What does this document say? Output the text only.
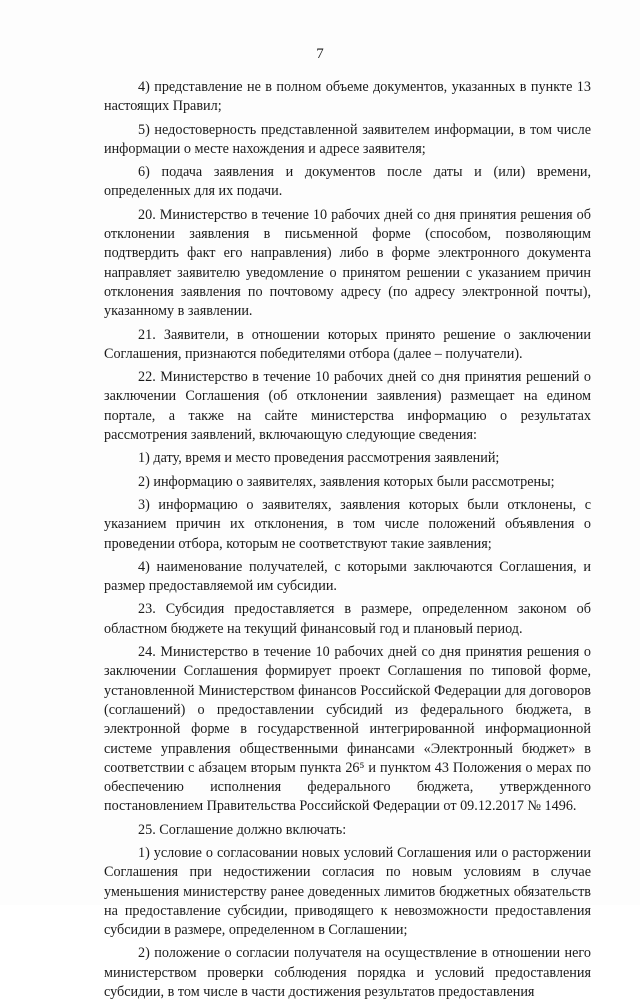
7

4) представление не в полном объеме документов, указанных в пункте 13 настоящих Правил;

5) недостоверность представленной заявителем информации, в том числе информации о месте нахождения и адресе заявителя;

6) подача заявления и документов после даты и (или) времени, определенных для их подачи.

20. Министерство в течение 10 рабочих дней со дня принятия решения об отклонении заявления в письменной форме (способом, позволяющим подтвердить факт его направления) либо в форме электронного документа направляет заявителю уведомление о принятом решении с указанием причин отклонения заявления по почтовому адресу (по адресу электронной почты), указанному в заявлении.

21. Заявители, в отношении которых принято решение о заключении Соглашения, признаются победителями отбора (далее – получатели).

22. Министерство в течение 10 рабочих дней со дня принятия решений о заключении Соглашения (об отклонении заявления) размещает на едином портале, а также на сайте министерства информацию о результатах рассмотрения заявлений, включающую следующие сведения:

1) дату, время и место проведения рассмотрения заявлений;

2) информацию о заявителях, заявления которых были рассмотрены;

3) информацию о заявителях, заявления которых были отклонены, с указанием причин их отклонения, в том числе положений объявления о проведении отбора, которым не соответствуют такие заявления;

4) наименование получателей, с которыми заключаются Соглашения, и размер предоставляемой им субсидии.

23. Субсидия предоставляется в размере, определенном законом об областном бюджете на текущий финансовый год и плановый период.

24. Министерство в течение 10 рабочих дней со дня принятия решения о заключении Соглашения формирует проект Соглашения по типовой форме, установленной Министерством финансов Российской Федерации для договоров (соглашений) о предоставлении субсидий из федерального бюджета, в электронной форме в государственной интегрированной информационной системе управления общественными финансами «Электронный бюджет» в соответствии с абзацем вторым пункта 26⁵ и пунктом 43 Положения о мерах по обеспечению исполнения федерального бюджета, утвержденного постановлением Правительства Российской Федерации от 09.12.2017 № 1496.

25. Соглашение должно включать:

1) условие о согласовании новых условий Соглашения или о расторжении Соглашения при недостижении согласия по новым условиям в случае уменьшения министерству ранее доведенных лимитов бюджетных обязательств на предоставление субсидии, приводящего к невозможности предоставления субсидии в размере, определенном в Соглашении;

2) положение о согласии получателя на осуществление в отношении него министерством проверки соблюдения порядка и условий предоставления субсидии, в том числе в части достижения результатов предоставления
